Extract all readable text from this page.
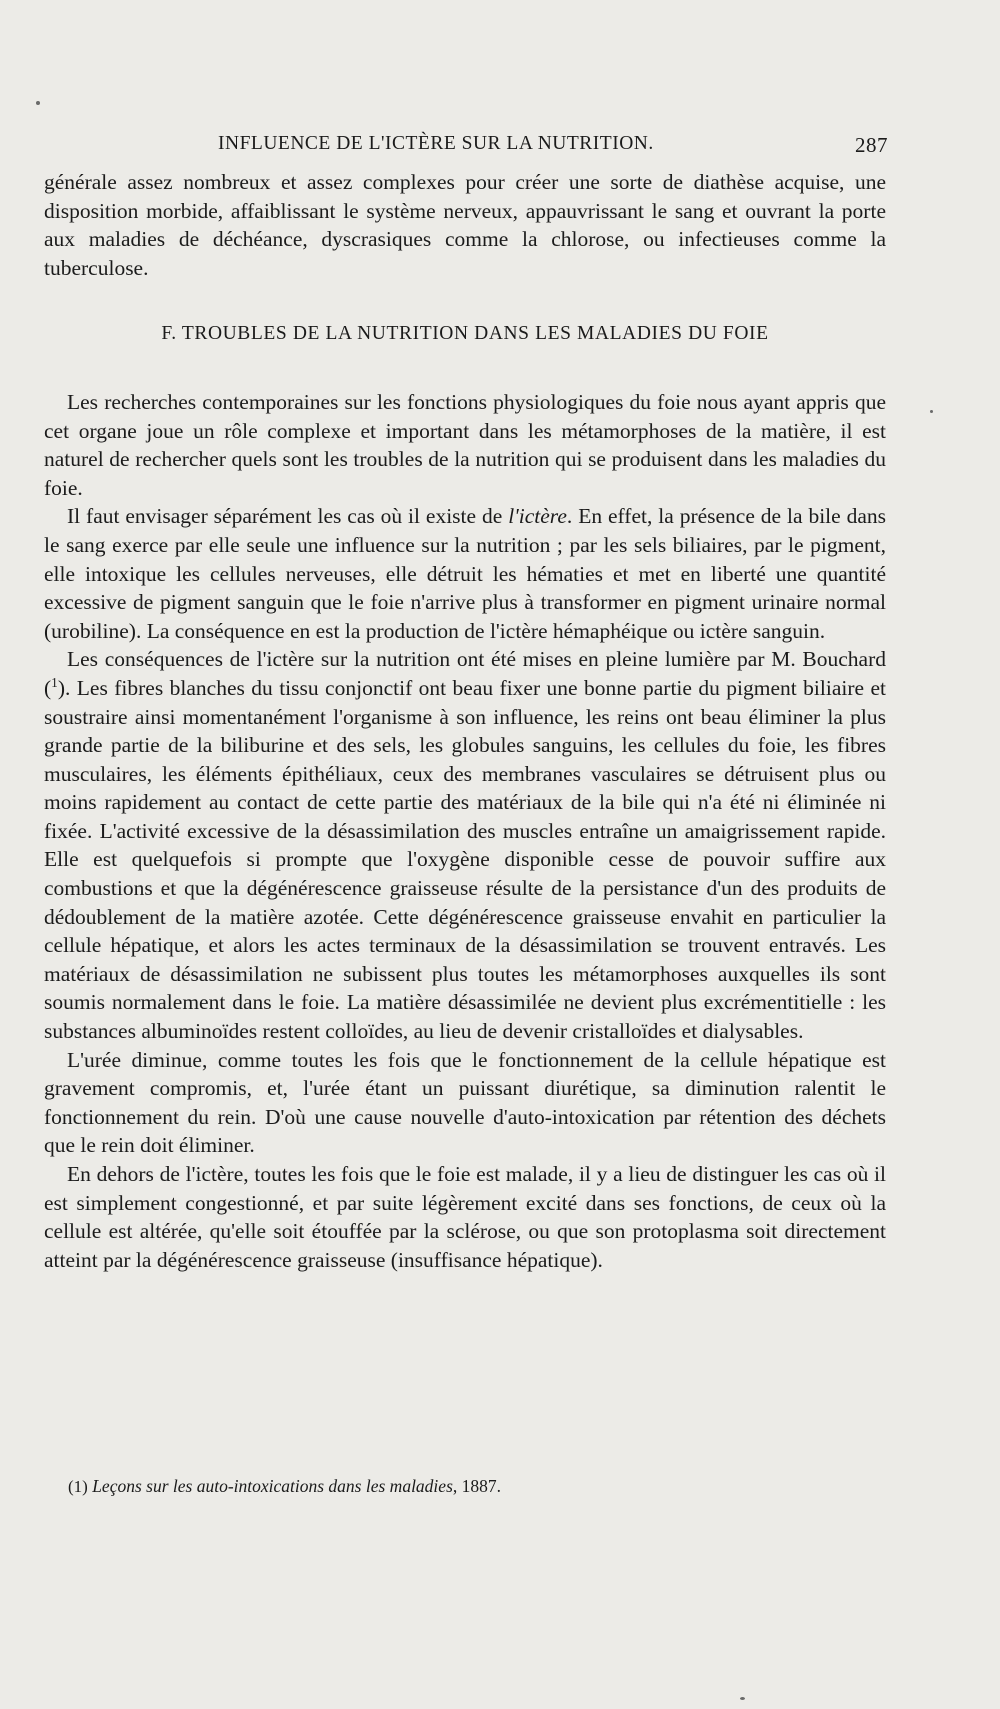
INFLUENCE DE L'ICTÈRE SUR LA NUTRITION.	287

générale assez nombreux et assez complexes pour créer une sorte de diathèse acquise, une disposition morbide, affaiblissant le système nerveux, appauvrissant le sang et ouvrant la porte aux maladies de déchéance, dyscrasiques comme la chlorose, ou infectieuses comme la tuberculose.

F. TROUBLES DE LA NUTRITION DANS LES MALADIES DU FOIE

Les recherches contemporaines sur les fonctions physiologiques du foie nous ayant appris que cet organe joue un rôle complexe et important dans les métamorphoses de la matière, il est naturel de rechercher quels sont les troubles de la nutrition qui se produisent dans les maladies du foie.

Il faut envisager séparément les cas où il existe de l'ictère. En effet, la présence de la bile dans le sang exerce par elle seule une influence sur la nutrition ; par les sels biliaires, par le pigment, elle intoxique les cellules nerveuses, elle détruit les hématies et met en liberté une quantité excessive de pigment sanguin que le foie n'arrive plus à transformer en pigment urinaire normal (urobiline). La conséquence en est la production de l'ictère hémaphéique ou ictère sanguin.

Les conséquences de l'ictère sur la nutrition ont été mises en pleine lumière par M. Bouchard ($^1$). Les fibres blanches du tissu conjonctif ont beau fixer une bonne partie du pigment biliaire et soustraire ainsi momentanément l'organisme à son influence, les reins ont beau éliminer la plus grande partie de la biliburine et des sels, les globules sanguins, les cellules du foie, les fibres musculaires, les éléments épithéliaux, ceux des membranes vasculaires se détruisent plus ou moins rapidement au contact de cette partie des matériaux de la bile qui n'a été ni éliminée ni fixée. L'activité excessive de la désassimilation des muscles entraîne un amaigrissement rapide. Elle est quelquefois si prompte que l'oxygène disponible cesse de pouvoir suffire aux combustions et que la dégénérescence graisseuse résulte de la persistance d'un des produits de dédoublement de la matière azotée. Cette dégénérescence graisseuse envahit en particulier la cellule hépatique, et alors les actes terminaux de la désassimilation se trouvent entravés. Les matériaux de désassimilation ne subissent plus toutes les métamorphoses auxquelles ils sont soumis normalement dans le foie. La matière désassimilée ne devient plus excrémentitielle : les substances albuminoïdes restent colloïdes, au lieu de devenir cristalloïdes et dialysables.

L'urée diminue, comme toutes les fois que le fonctionnement de la cellule hépatique est gravement compromis, et, l'urée étant un puissant diurétique, sa diminution ralentit le fonctionnement du rein. D'où une cause nouvelle d'auto-intoxication par rétention des déchets que le rein doit éliminer.

En dehors de l'ictère, toutes les fois que le foie est malade, il y a lieu de distinguer les cas où il est simplement congestionné, et par suite légèrement excité dans ses fonctions, de ceux où la cellule est altérée, qu'elle soit étouffée par la sclérose, ou que son protoplasma soit directement atteint par la dégénérescence graisseuse (insuffisance hépatique).

(1) Leçons sur les auto-intoxications dans les maladies, 1887.
